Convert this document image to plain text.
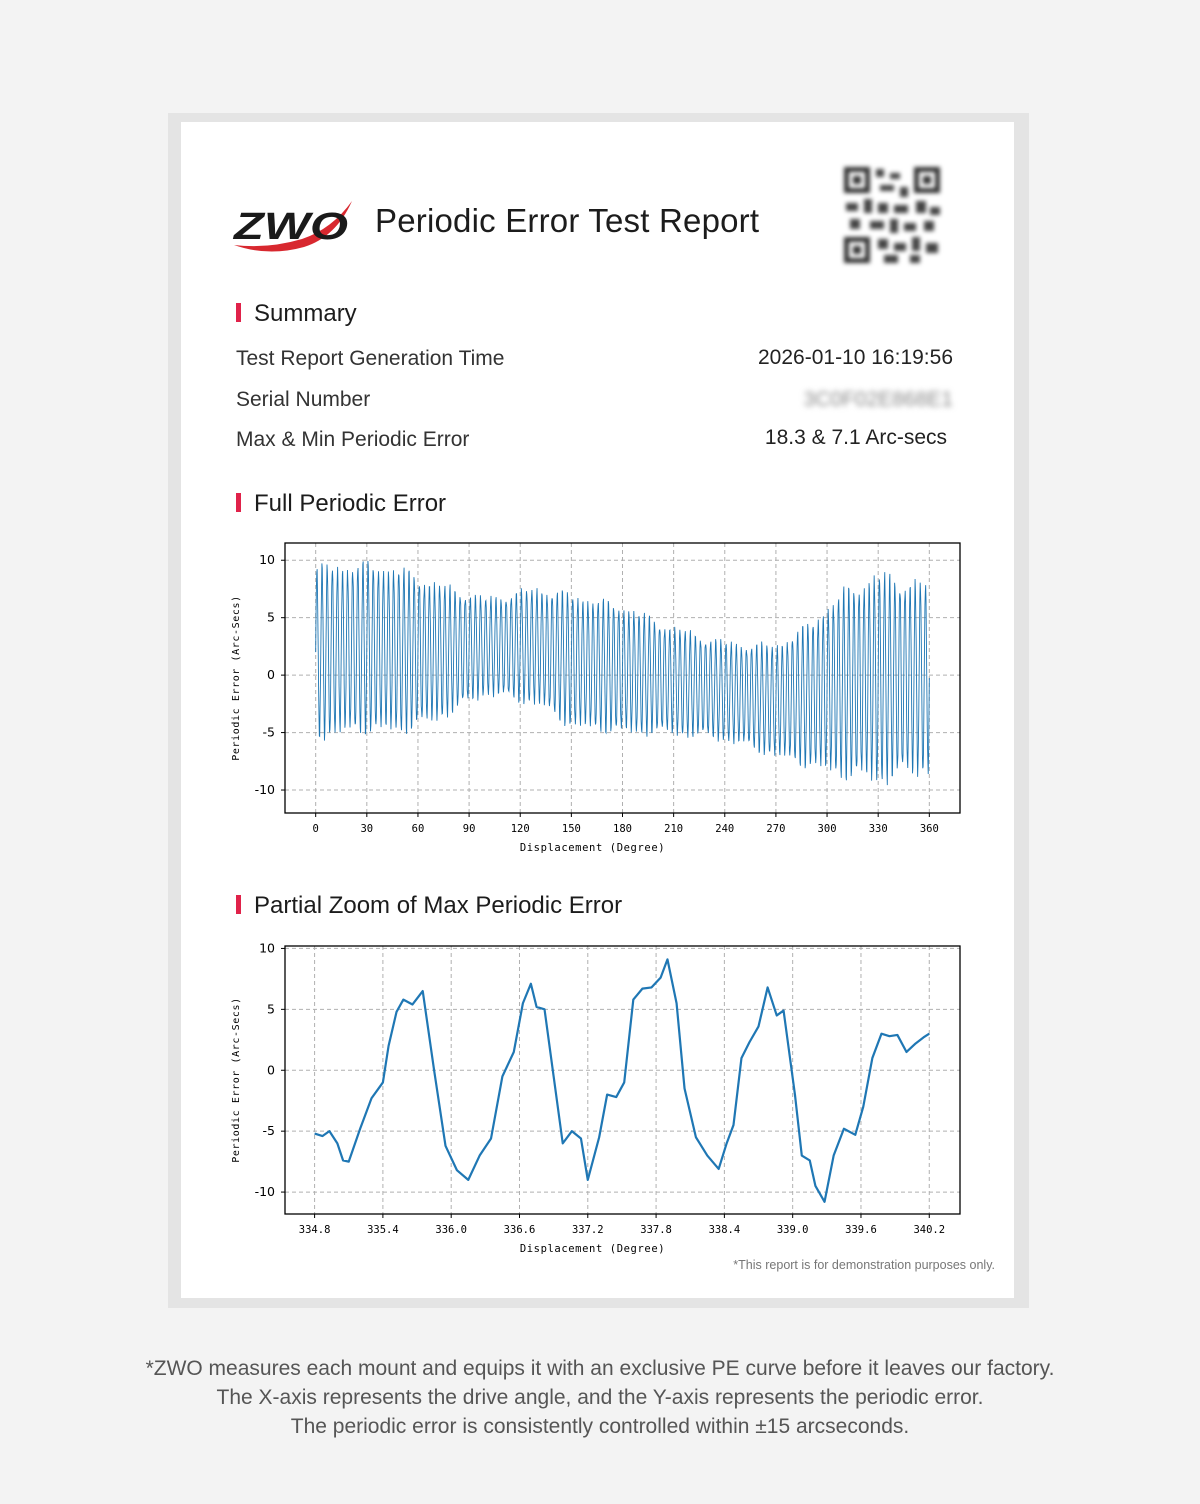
ZWO Periodic Error Test Report
Summary
Test Report Generation Time	2026-01-10 16:19:56
Serial Number	3C0F02E868E1
Max & Min Periodic Error	18.3 & 7.1 Arc-secs
Full Periodic Error
0	30	60	90	120	150	180	210	240	270	300	330	360
10
5
0
-5
-10
Displacement (Degree)
Periodic Error (Arc-Secs)
Partial Zoom of Max Periodic Error
334.8	335.4	336.0	336.6	337.2	337.8	338.4	339.0	339.6	340.2
10
5
0
-5
-10
Displacement (Degree)
Periodic Error (Arc-Secs)
*This report is for demonstration purposes only.
*ZWO measures each mount and equips it with an exclusive PE curve before it leaves our factory.
The X-axis represents the drive angle, and the Y-axis represents the periodic error.
The periodic error is consistently controlled within ±15 arcseconds.
